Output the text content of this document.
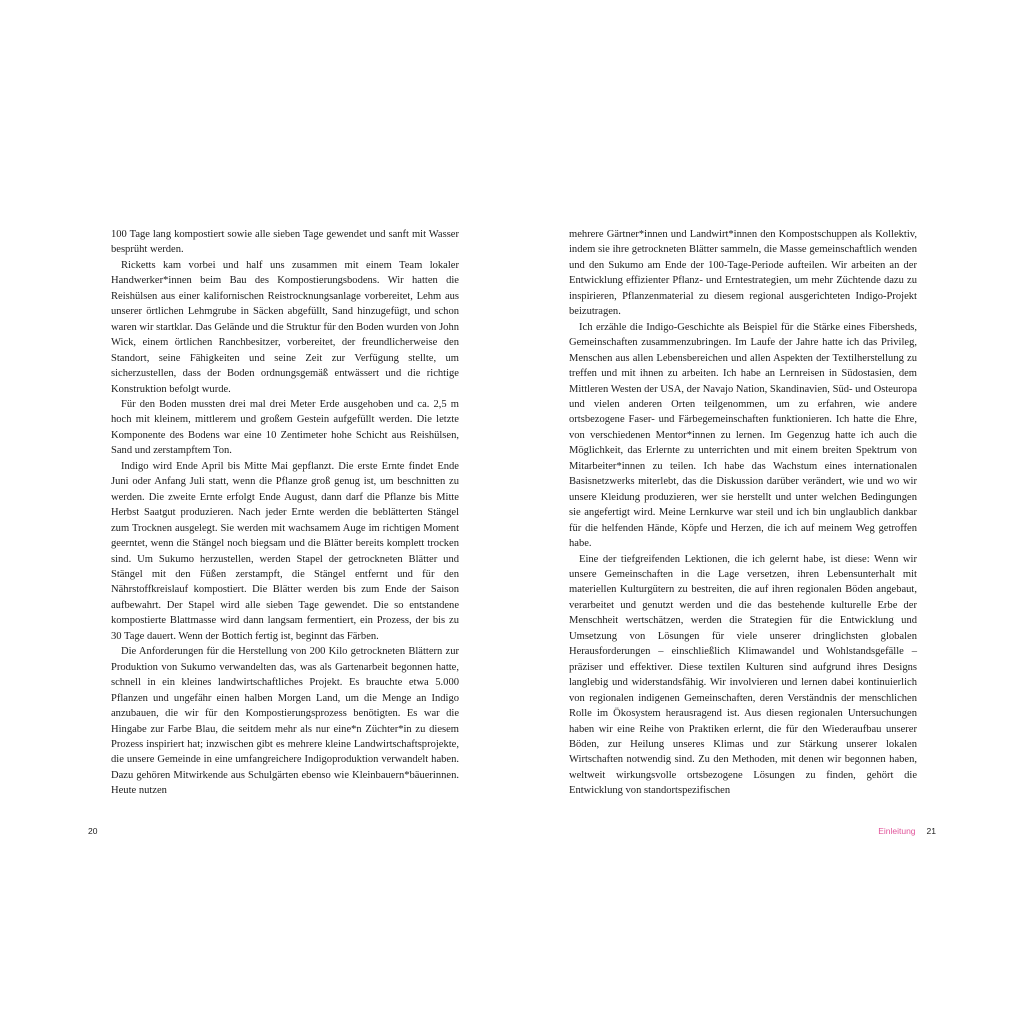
100 Tage lang kompostiert sowie alle sieben Tage gewendet und sanft mit Wasser besprüht werden.

Ricketts kam vorbei und half uns zusammen mit einem Team lokaler Handwerker*innen beim Bau des Kompostierungsbodens. Wir hatten die Reishülsen aus einer kalifornischen Reistrocknungsanlage vorbereitet, Lehm aus unserer örtlichen Lehmgrube in Säcken abgefüllt, Sand hinzugefügt, und schon waren wir startklar. Das Gelände und die Struktur für den Boden wurden von John Wick, einem örtlichen Ranchbesitzer, vorbereitet, der freundlicherweise den Standort, seine Fähigkeiten und seine Zeit zur Verfügung stellte, um sicherzustellen, dass der Boden ordnungsgemäß entwässert und die richtige Konstruktion befolgt wurde.

Für den Boden mussten drei mal drei Meter Erde ausgehoben und ca. 2,5 m hoch mit kleinem, mittlerem und großem Gestein aufgefüllt werden. Die letzte Komponente des Bodens war eine 10 Zentimeter hohe Schicht aus Reishülsen, Sand und zerstampftem Ton.

Indigo wird Ende April bis Mitte Mai gepflanzt. Die erste Ernte findet Ende Juni oder Anfang Juli statt, wenn die Pflanze groß genug ist, um beschnitten zu werden. Die zweite Ernte erfolgt Ende August, dann darf die Pflanze bis Mitte Herbst Saatgut produzieren. Nach jeder Ernte werden die beblätterten Stängel zum Trocknen ausgelegt. Sie werden mit wachsamem Auge im richtigen Moment geerntet, wenn die Stängel noch biegsam und die Blätter bereits komplett trocken sind. Um Sukumo herzustellen, werden Stapel der getrockneten Blätter und Stängel mit den Füßen zerstampft, die Stängel entfernt und für den Nährstoffkreislauf kompostiert. Die Blätter werden bis zum Ende der Saison aufbewahrt. Der Stapel wird alle sieben Tage gewendet. Die so entstandene kompostierte Blattmasse wird dann langsam fermentiert, ein Prozess, der bis zu 30 Tage dauert. Wenn der Bottich fertig ist, beginnt das Färben.

Die Anforderungen für die Herstellung von 200 Kilo getrockneten Blättern zur Produktion von Sukumo verwandelten das, was als Gartenarbeit begonnen hatte, schnell in ein kleines landwirtschaftliches Projekt. Es brauchte etwa 5.000 Pflanzen und ungefähr einen halben Morgen Land, um die Menge an Indigo anzubauen, die wir für den Kompostierungsprozess benötigten. Es war die Hingabe zur Farbe Blau, die seitdem mehr als nur eine*n Züchter*in zu diesem Prozess inspiriert hat; inzwischen gibt es mehrere kleine Landwirtschaftsprojekte, die unsere Gemeinde in eine umfangreichere Indigoproduktion verwandelt haben. Dazu gehören Mitwirkende aus Schulgärten ebenso wie Kleinbauern*bäuerinnen. Heute nutzen

20

mehrere Gärtner*innen und Landwirt*innen den Kompostschuppen als Kollektiv, indem sie ihre getrockneten Blätter sammeln, die Masse gemeinschaftlich wenden und den Sukumo am Ende der 100-Tage-Periode aufteilen. Wir arbeiten an der Entwicklung effizienter Pflanz- und Erntestrategien, um mehr Züchtende dazu zu inspirieren, Pflanzenmaterial zu diesem regional ausgerichteten Indigo-Projekt beizutragen.

Ich erzähle die Indigo-Geschichte als Beispiel für die Stärke eines Fibersheds, Gemeinschaften zusammenzubringen. Im Laufe der Jahre hatte ich das Privileg, Menschen aus allen Lebensbereichen und allen Aspekten der Textilherstellung zu treffen und mit ihnen zu arbeiten. Ich habe an Lernreisen in Südostasien, dem Mittleren Westen der USA, der Navajo Nation, Skandinavien, Süd- und Osteuropa und vielen anderen Orten teilgenommen, um zu erfahren, wie andere ortsbezogene Faser- und Färbegemeinschaften funktionieren. Ich hatte die Ehre, von verschiedenen Mentor*innen zu lernen. Im Gegenzug hatte ich auch die Möglichkeit, das Erlernte zu unterrichten und mit einem breiten Spektrum von Mitarbeiter*innen zu teilen. Ich habe das Wachstum eines internationalen Basisnetzwerks miterlebt, das die Diskussion darüber verändert, wie und wo wir unsere Kleidung produzieren, wer sie herstellt und unter welchen Bedingungen sie angefertigt wird. Meine Lernkurve war steil und ich bin unglaublich dankbar für die helfenden Hände, Köpfe und Herzen, die ich auf meinem Weg getroffen habe.

Eine der tiefgreifenden Lektionen, die ich gelernt habe, ist diese: Wenn wir unsere Gemeinschaften in die Lage versetzen, ihren Lebensunterhalt mit materiellen Kulturgütern zu bestreiten, die auf ihren regionalen Böden angebaut, verarbeitet und genutzt werden und die das bestehende kulturelle Erbe der Menschheit wertschätzen, werden die Strategien für die Entwicklung und Umsetzung von Lösungen für viele unserer dringlichsten globalen Herausforderungen – einschließlich Klimawandel und Wohlstandsgefälle – präziser und effektiver. Diese textilen Kulturen sind aufgrund ihres Designs langlebig und widerstandsfähig. Wir involvieren und lernen dabei kontinuierlich von regionalen indigenen Gemeinschaften, deren Verständnis der menschlichen Rolle im Ökosystem herausragend ist. Aus diesen regionalen Untersuchungen haben wir eine Reihe von Praktiken erlernt, die für den Wiederaufbau unserer Böden, zur Heilung unseres Klimas und zur Stärkung unserer lokalen Wirtschaften notwendig sind. Zu den Methoden, mit denen wir begonnen haben, weltweit wirkungsvolle ortsbezogene Lösungen zu finden, gehört die Entwicklung von standortspezifischen

Einleitung 21
